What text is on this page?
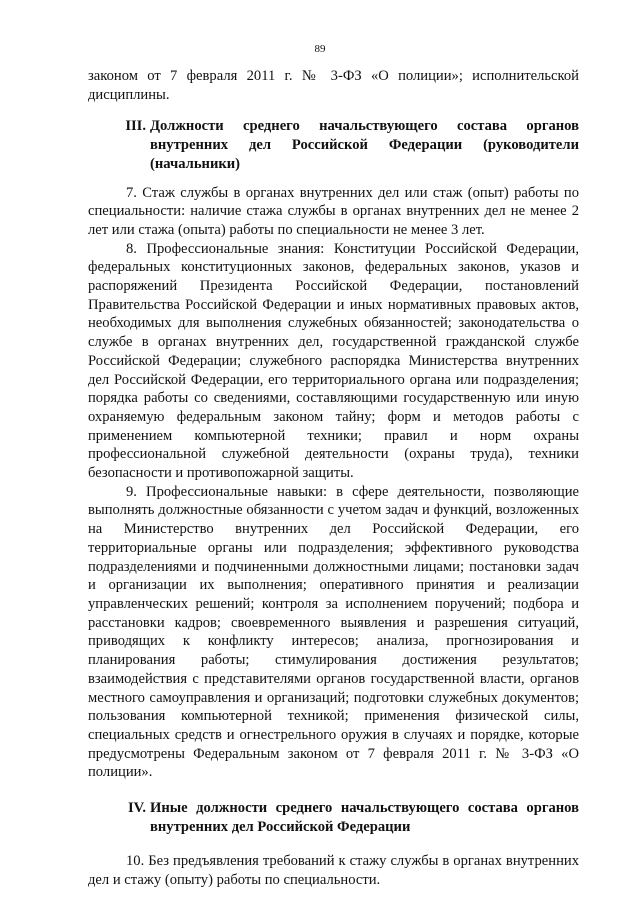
89

законом от 7 февраля 2011 г. № 3-ФЗ «О полиции»; исполнительской дисциплины.

III. Должности среднего начальствующего состава органов внутренних дел Российской Федерации (руководители (начальники)

7. Стаж службы в органах внутренних дел или стаж (опыт) работы по специальности: наличие стажа службы в органах внутренних дел не менее 2 лет или стажа (опыта) работы по специальности не менее 3 лет.

8. Профессиональные знания: Конституции Российской Федерации, федеральных конституционных законов, федеральных законов, указов и распоряжений Президента Российской Федерации, постановлений Правительства Российской Федерации и иных нормативных правовых актов, необходимых для выполнения служебных обязанностей; законодательства о службе в органах внутренних дел, государственной гражданской службе Российской Федерации; служебного распорядка Министерства внутренних дел Российской Федерации, его территориального органа или подразделения; порядка работы со сведениями, составляющими государственную или иную охраняемую федеральным законом тайну; форм и методов работы с применением компьютерной техники; правил и норм охраны профессиональной служебной деятельности (охраны труда), техники безопасности и противопожарной защиты.

9. Профессиональные навыки: в сфере деятельности, позволяющие выполнять должностные обязанности с учетом задач и функций, возложенных на Министерство внутренних дел Российской Федерации, его территориальные органы или подразделения; эффективного руководства подразделениями и подчиненными должностными лицами; постановки задач и организации их выполнения; оперативного принятия и реализации управленческих решений; контроля за исполнением поручений; подбора и расстановки кадров; своевременного выявления и разрешения ситуаций, приводящих к конфликту интересов; анализа, прогнозирования и планирования работы; стимулирования достижения результатов; взаимодействия с представителями органов государственной власти, органов местного самоуправления и организаций; подготовки служебных документов; пользования компьютерной техникой; применения физической силы, специальных средств и огнестрельного оружия в случаях и порядке, которые предусмотрены Федеральным законом от 7 февраля 2011 г. № 3-ФЗ «О полиции».

IV. Иные должности среднего начальствующего состава органов внутренних дел Российской Федерации

10. Без предъявления требований к стажу службы в органах внутренних дел и стажу (опыту) работы по специальности.
